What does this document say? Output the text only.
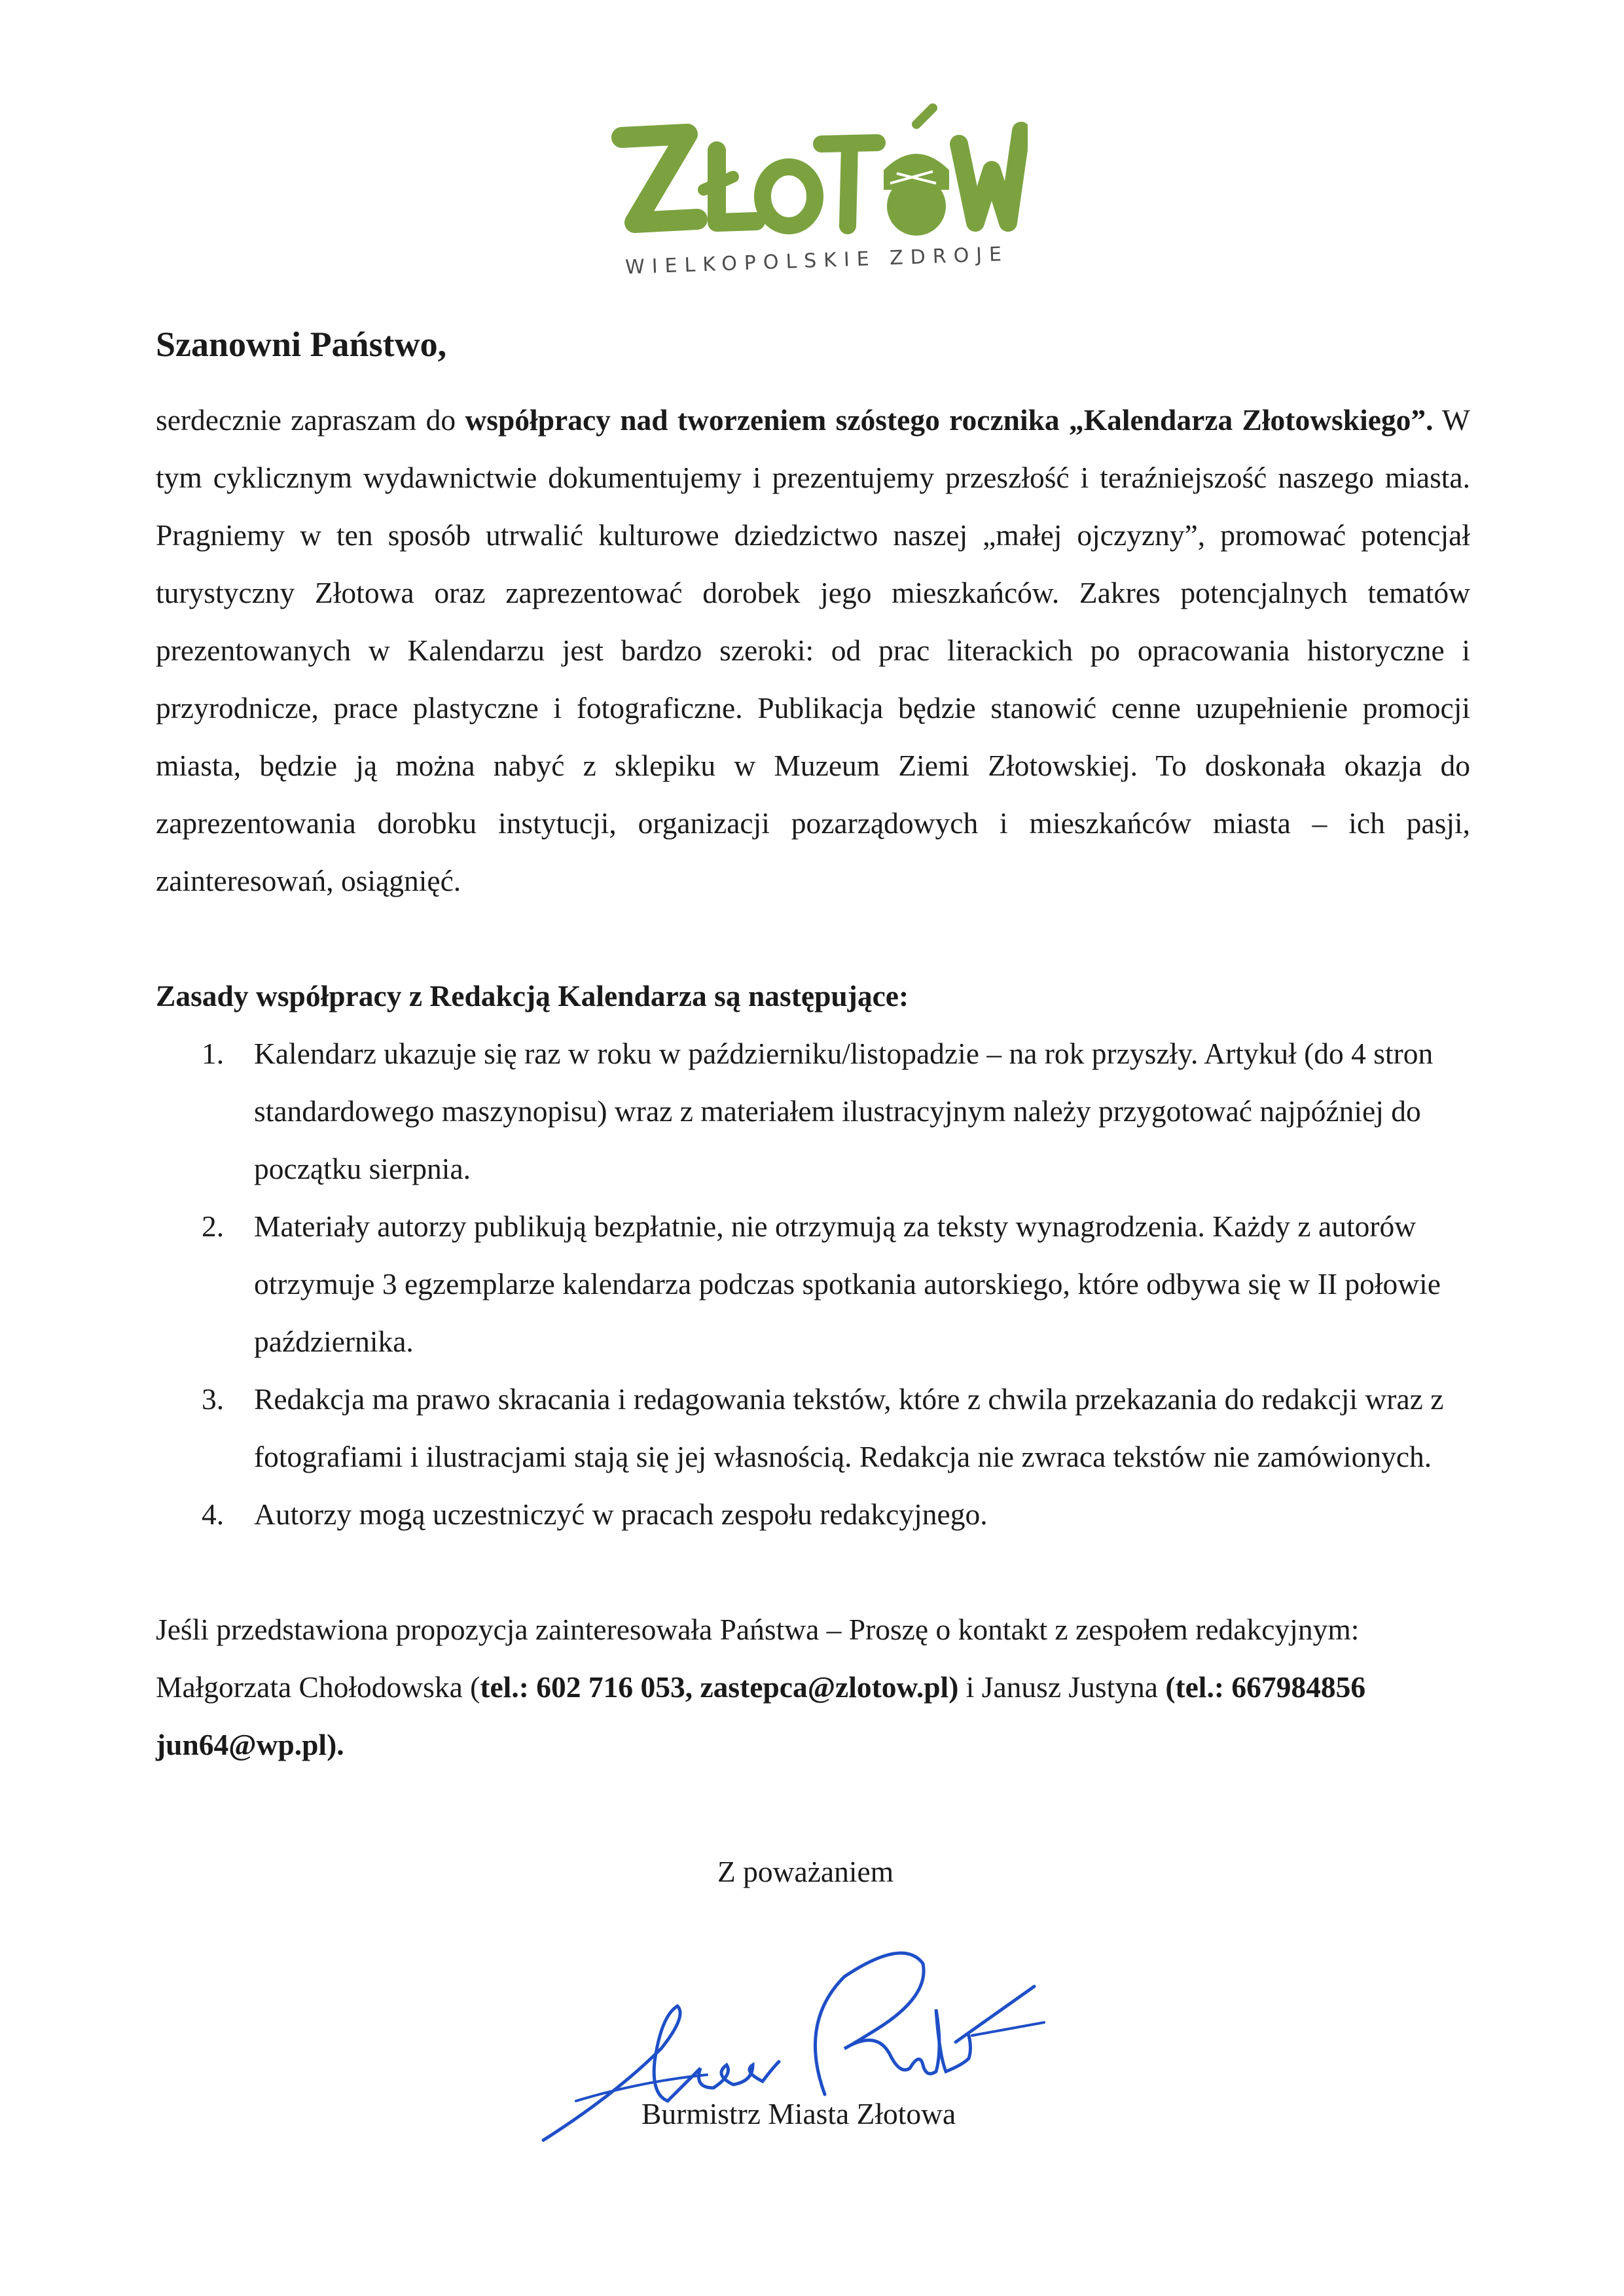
WIELKOPOLSKIE ZDROJE

Szanowni Państwo,

serdecznie zapraszam do współpracy nad tworzeniem szóstego rocznika „Kalendarza Złotowskiego”. W tym cyklicznym wydawnictwie dokumentujemy i prezentujemy przeszłość i teraźniejszość naszego miasta. Pragniemy w ten sposób utrwalić kulturowe dziedzictwo naszej „małej ojczyzny”, promować potencjał turystyczny Złotowa oraz zaprezentować dorobek jego mieszkańców. Zakres potencjalnych tematów prezentowanych w Kalendarzu jest bardzo szeroki: od prac literackich po opracowania historyczne i przyrodnicze, prace plastyczne i fotograficzne. Publikacja będzie stanowić cenne uzupełnienie promocji miasta, będzie ją można nabyć z sklepiku w Muzeum Ziemi Złotowskiej. To doskonała okazja do zaprezentowania dorobku instytucji, organizacji pozarządowych i mieszkańców miasta – ich pasji, zainteresowań, osiągnięć.

Zasady współpracy z Redakcją Kalendarza są następujące:

1. Kalendarz ukazuje się raz w roku w październiku/listopadzie – na rok przyszły. Artykuł (do 4 stron standardowego maszynopisu) wraz z materiałem ilustracyjnym należy przygotować najpóźniej do początku sierpnia.
2. Materiały autorzy publikują bezpłatnie, nie otrzymują za teksty wynagrodzenia. Każdy z autorów otrzymuje 3 egzemplarze kalendarza podczas spotkania autorskiego, które odbywa się w II połowie października.
3. Redakcja ma prawo skracania i redagowania tekstów, które z chwila przekazania do redakcji wraz z fotografiami i ilustracjami stają się jej własnością. Redakcja nie zwraca tekstów nie zamówionych.
4. Autorzy mogą uczestniczyć w pracach zespołu redakcyjnego.

Jeśli przedstawiona propozycja zainteresowała Państwa – Proszę o kontakt z zespołem redakcyjnym: Małgorzata Chołodowska (tel.: 602 716 053, zastepca@zlotow.pl) i Janusz Justyna (tel.: 667984856 jun64@wp.pl).

Z poważaniem
Burmistrz Miasta Złotowa
